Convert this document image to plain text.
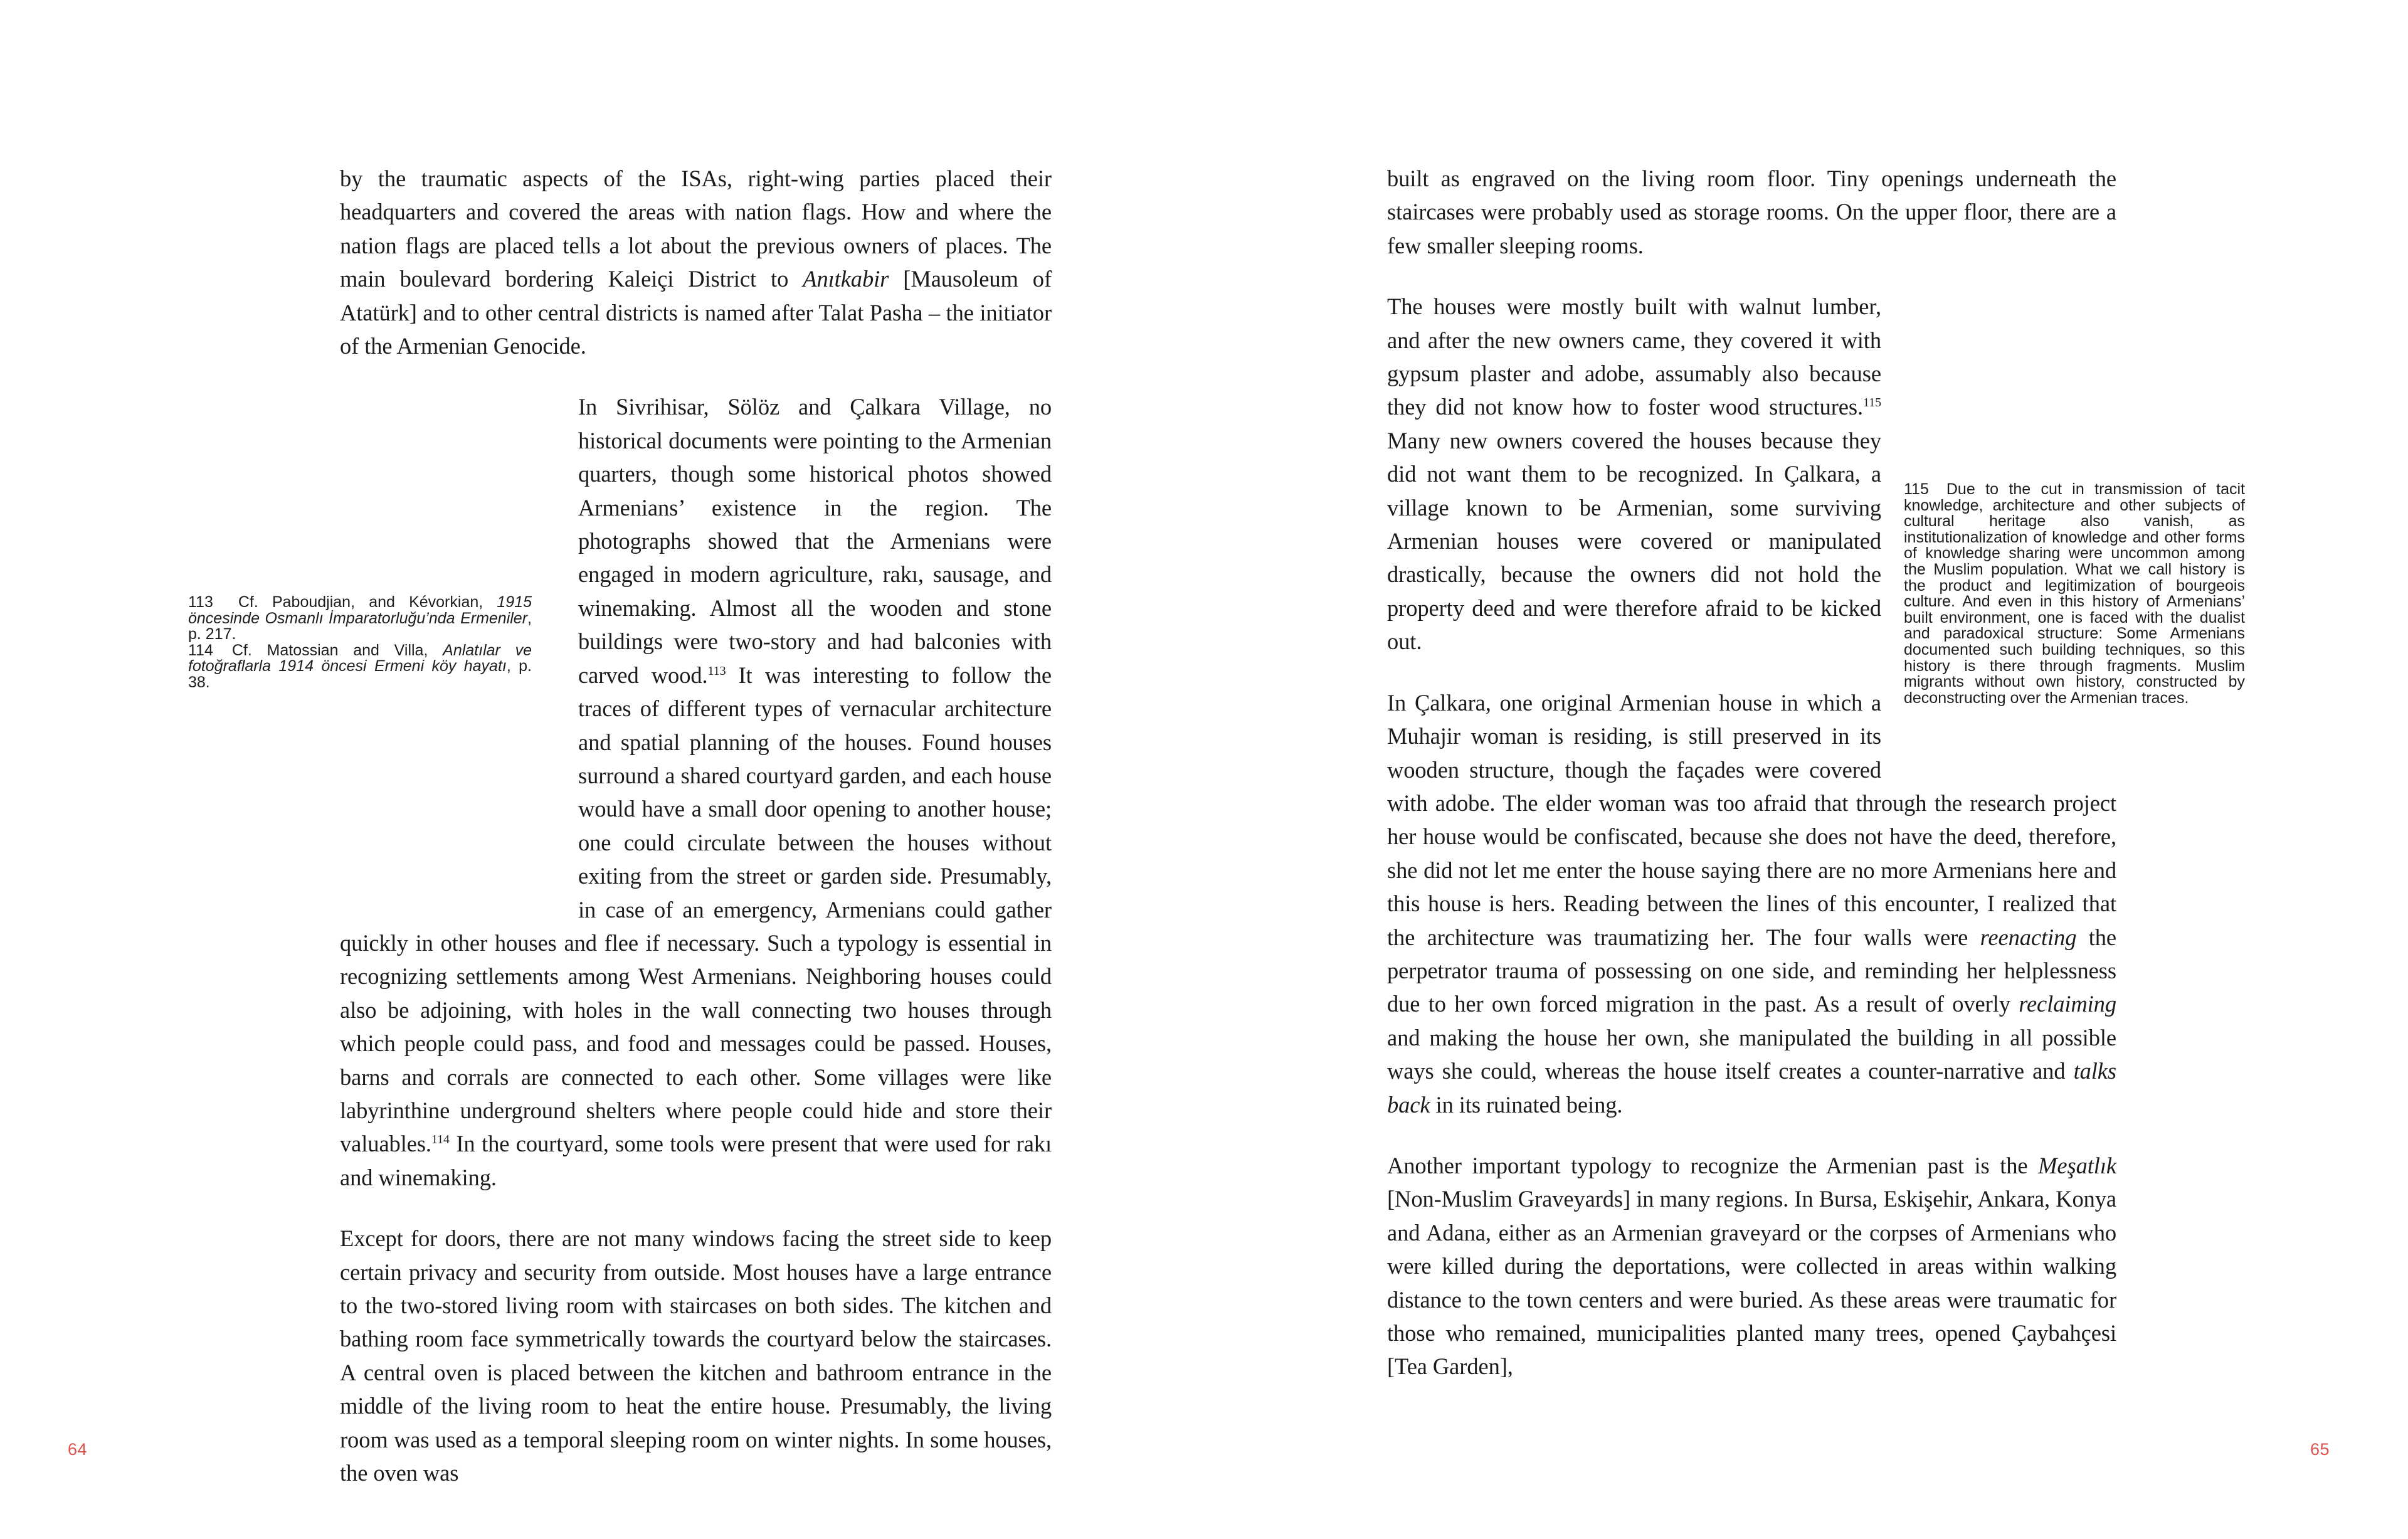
by the traumatic aspects of the ISAs, right-wing parties placed their headquarters and covered the areas with nation flags. How and where the nation flags are placed tells a lot about the previous owners of places. The main boulevard bordering Kaleiçi District to Anıtkabir [Mausoleum of Atatürk] and to other central districts is named after Talat Pasha – the initiator of the Armenian Genocide.

In Sivrihisar, Sölöz and Çalkara Village, no historical documents were pointing to the Armenian quarters, though some historical photos showed Armenians’ existence in the region. The photographs showed that the Armenians were engaged in modern agriculture, rakı, sausage, and winemaking. Almost all the wooden and stone buildings were two-story and had balconies with carved wood.$^{113}$ It was interesting to follow the traces of different types of vernacular architecture and spatial planning of the houses. Found houses surround a shared courtyard garden, and each house would have a small door opening to another house; one could circulate between the houses without exiting from the street or garden side. Presumably, in case of an emergency, Armenians could gather quickly in other houses and flee if necessary. Such a typology is essential in recognizing settlements among West Armenians. Neighboring houses could also be adjoining, with holes in the wall connecting two houses through which people could pass, and food and messages could be passed. Houses, barns and corrals are connected to each other. Some villages were like labyrinthine underground shelters where people could hide and store their valuables.$^{114}$ In the courtyard, some tools were present that were used for rakı and winemaking.

Except for doors, there are not many windows facing the street side to keep certain privacy and security from outside. Most houses have a large entrance to the two-stored living room with staircases on both sides. The kitchen and bathing room face symmetrically towards the courtyard below the staircases. A central oven is placed between the kitchen and bathroom entrance in the middle of the living room to heat the entire house. Presumably, the living room was used as a temporal sleeping room on winter nights. In some houses, the oven was

113 Cf. Paboudjian, and Kévorkian, 1915 öncesinde Osmanlı İmparatorluğu’nda Ermeniler, p. 217.
114 Cf. Matossian and Villa, Anlatılar ve fotoğraflarla 1914 öncesi Ermeni köy hayatı, p. 38.
64

built as engraved on the living room floor. Tiny openings underneath the staircases were probably used as storage rooms. On the upper floor, there are a few smaller sleeping rooms.

The houses were mostly built with walnut lumber, and after the new owners came, they covered it with gypsum plaster and adobe, assumably also because they did not know how to foster wood structures.$^{115}$ Many new owners covered the houses because they did not want them to be recognized. In Çalkara, a village known to be Armenian, some surviving Armenian houses were covered or manipulated drastically, because the owners did not hold the property deed and were therefore afraid to be kicked out.

In Çalkara, one original Armenian house in which a Muhajir woman is residing, is still preserved in its wooden structure, though the façades were covered with adobe. The elder woman was too afraid that through the research project her house would be confiscated, because she does not have the deed, therefore, she did not let me enter the house saying there are no more Armenians here and this house is hers. Reading between the lines of this encounter, I realized that the architecture was traumatizing her. The four walls were reenacting the perpetrator trauma of possessing on one side, and reminding her helplessness due to her own forced migration in the past. As a result of overly reclaiming and making the house her own, she manipulated the building in all possible ways she could, whereas the house itself creates a counter-narrative and talks back in its ruinated being.

Another important typology to recognize the Armenian past is the Meşatlık [Non-Muslim Graveyards] in many regions. In Bursa, Eskişehir, Ankara, Konya and Adana, either as an Armenian graveyard or the corpses of Armenians who were killed during the deportations, were collected in areas within walking distance to the town centers and were buried. As these areas were traumatic for those who remained, municipalities planted many trees, opened Çaybahçesi [Tea Garden],

115 Due to the cut in transmission of tacit knowledge, architecture and other subjects of cultural heritage also vanish, as institutionalization of knowledge and other forms of knowledge sharing were uncommon among the Muslim population. What we call history is the product and legitimization of bourgeois culture. And even in this history of Armenians’ built environment, one is faced with the dualist and paradoxical structure: Some Armenians documented such building techniques, so this history is there through fragments. Muslim migrants without own history, constructed by deconstructing over the Armenian traces.
65
